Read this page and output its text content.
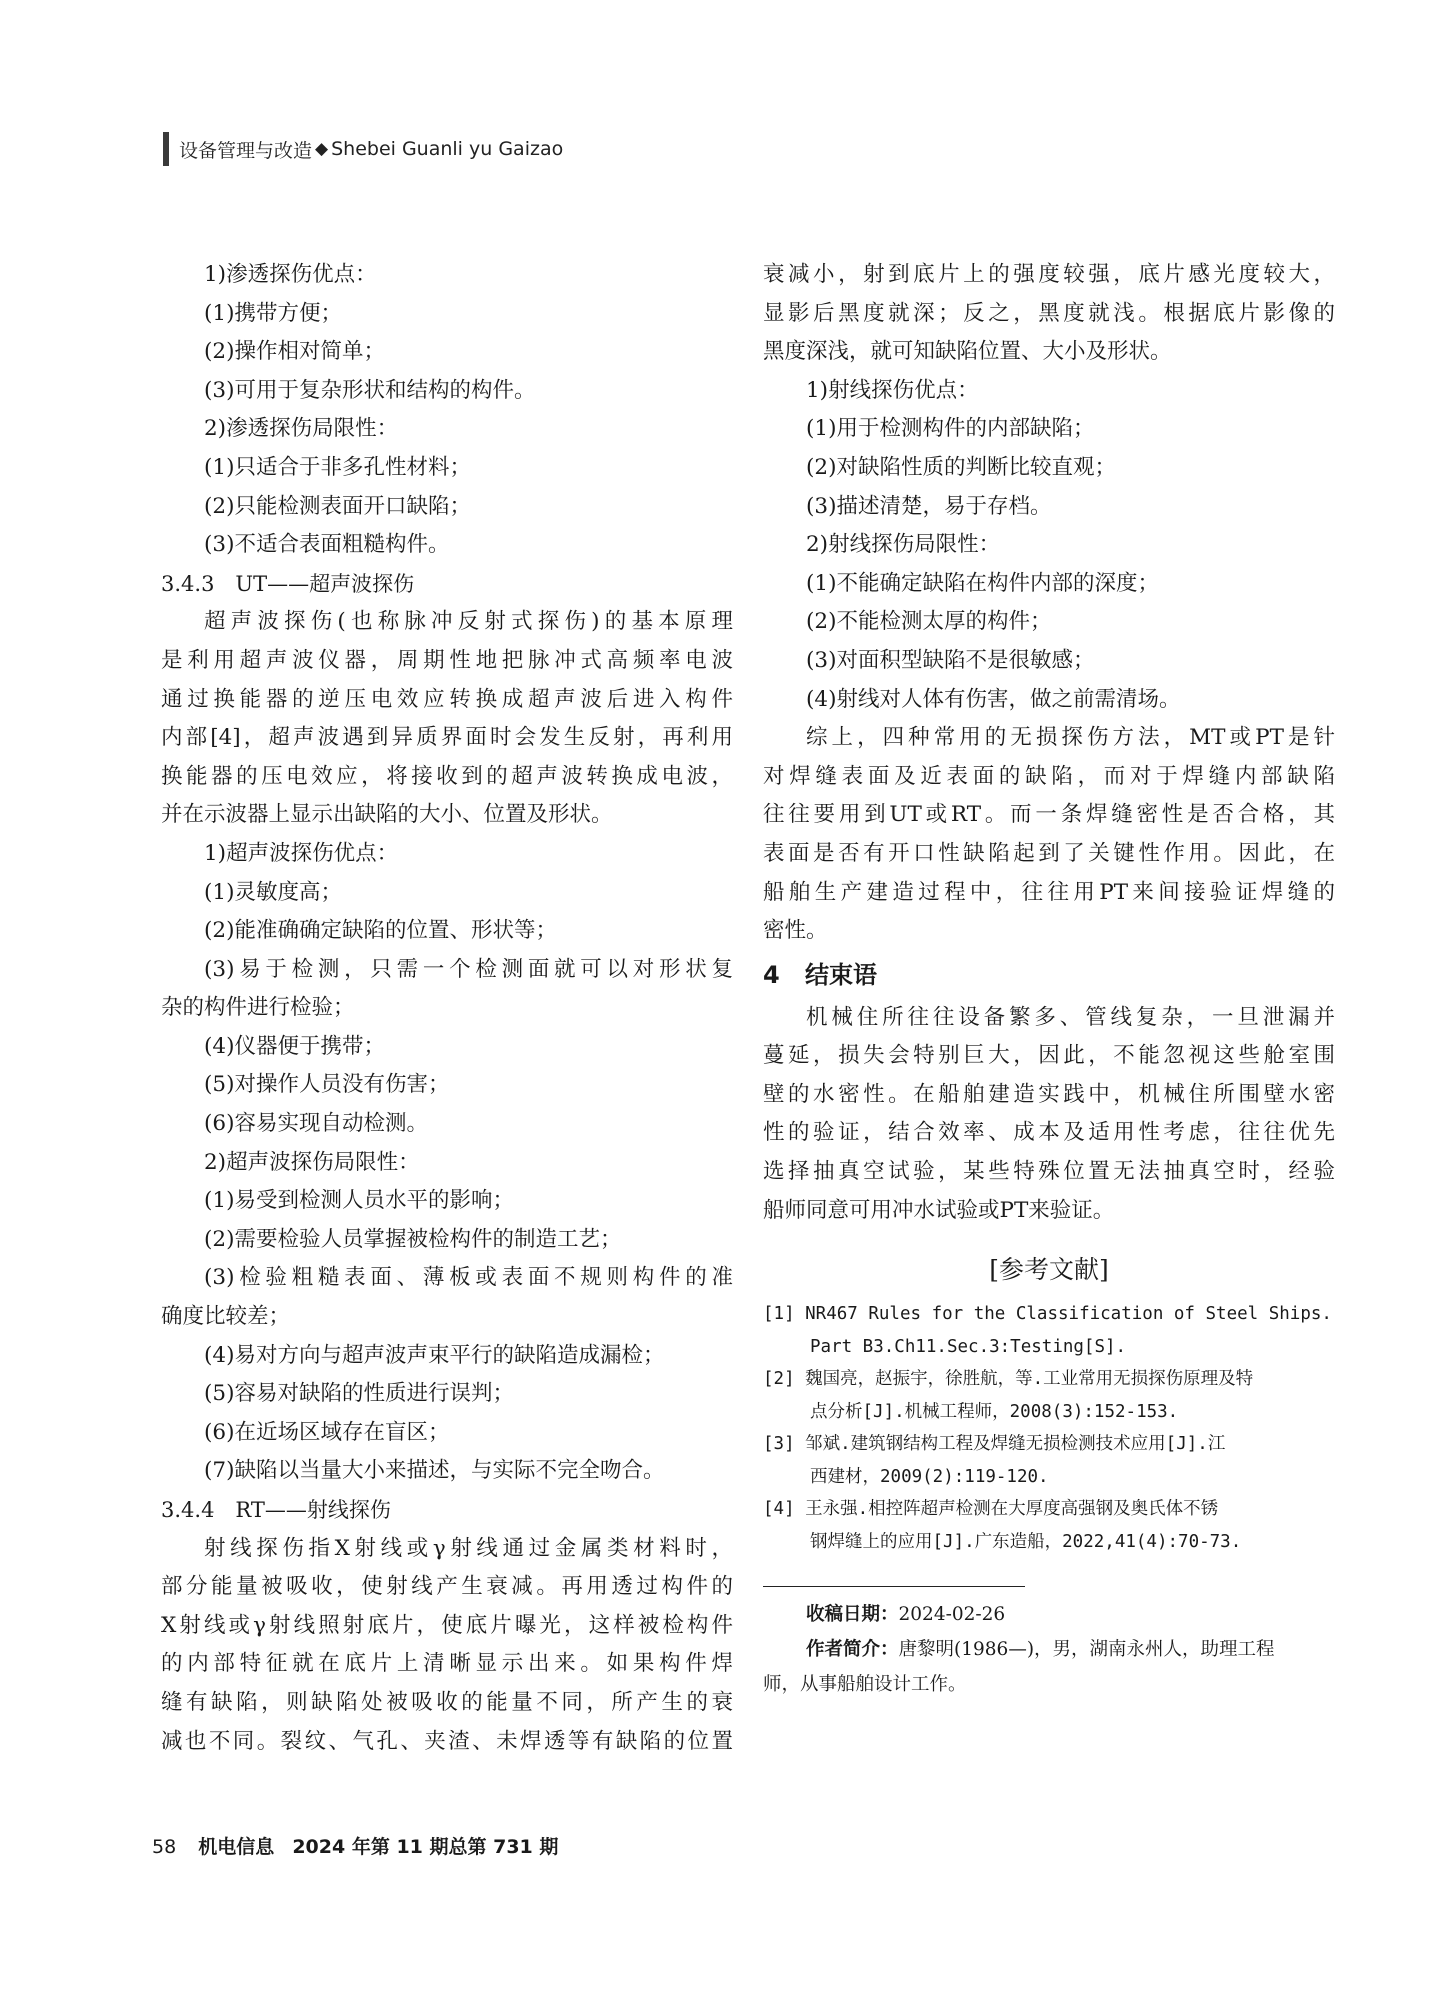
设备管理与改造 ◆ Shebei Guanli yu Gaizao
1)渗透探伤优点：
(1)携带方便；
(2)操作相对简单；
(3)可用于复杂形状和结构的构件。
2)渗透探伤局限性：
(1)只适合于非多孔性材料；
(2)只能检测表面开口缺陷；
(3)不适合表面粗糙构件。
3.4.3　UT——超声波探伤
超声波探伤(也称脉冲反射式探伤)的基本原理
是利用超声波仪器，周期性地把脉冲式高频率电波
通过换能器的逆压电效应转换成超声波后进入构件
内部[4]，超声波遇到异质界面时会发生反射，再利用
换能器的压电效应，将接收到的超声波转换成电波，
并在示波器上显示出缺陷的大小、位置及形状。
1)超声波探伤优点：
(1)灵敏度高；
(2)能准确确定缺陷的位置、形状等；
(3)易于检测，只需一个检测面就可以对形状复
杂的构件进行检验；
(4)仪器便于携带；
(5)对操作人员没有伤害；
(6)容易实现自动检测。
2)超声波探伤局限性：
(1)易受到检测人员水平的影响；
(2)需要检验人员掌握被检构件的制造工艺；
(3)检验粗糙表面、薄板或表面不规则构件的准
确度比较差；
(4)易对方向与超声波声束平行的缺陷造成漏检；
(5)容易对缺陷的性质进行误判；
(6)在近场区域存在盲区；
(7)缺陷以当量大小来描述，与实际不完全吻合。
3.4.4　RT——射线探伤
射线探伤指X射线或γ射线通过金属类材料时，
部分能量被吸收，使射线产生衰减。再用透过构件的
X射线或γ射线照射底片，使底片曝光，这样被检构件
的内部特征就在底片上清晰显示出来。如果构件焊
缝有缺陷，则缺陷处被吸收的能量不同，所产生的衰
减也不同。裂纹、气孔、夹渣、未焊透等有缺陷的位置
衰减小，射到底片上的强度较强，底片感光度较大，
显影后黑度就深；反之，黑度就浅。根据底片影像的
黑度深浅，就可知缺陷位置、大小及形状。
1)射线探伤优点：
(1)用于检测构件的内部缺陷；
(2)对缺陷性质的判断比较直观；
(3)描述清楚，易于存档。
2)射线探伤局限性：
(1)不能确定缺陷在构件内部的深度；
(2)不能检测太厚的构件；
(3)对面积型缺陷不是很敏感；
(4)射线对人体有伤害，做之前需清场。
综上，四种常用的无损探伤方法，MT或PT是针
对焊缝表面及近表面的缺陷，而对于焊缝内部缺陷
往往要用到UT或RT。而一条焊缝密性是否合格，其
表面是否有开口性缺陷起到了关键性作用。因此，在
船舶生产建造过程中，往往用PT来间接验证焊缝的
密性。
4 结束语
机械住所往往设备繁多、管线复杂，一旦泄漏并
蔓延，损失会特别巨大，因此，不能忽视这些舱室围
壁的水密性。在船舶建造实践中，机械住所围壁水密
性的验证，结合效率、成本及适用性考虑，往往优先
选择抽真空试验，某些特殊位置无法抽真空时，经验
船师同意可用冲水试验或PT来验证。
[参考文献]
[1] NR467 Rules for the Classification of Steel Ships.
Part B3.Ch11.Sec.3:Testing[S].
[2] 魏国亮，赵振宇，徐胜航，等.工业常用无损探伤原理及特
点分析[J].机械工程师，2008(3):152-153.
[3] 邹斌.建筑钢结构工程及焊缝无损检测技术应用[J].江
西建材，2009(2):119-120.
[4] 王永强.相控阵超声检测在大厚度高强钢及奥氏体不锈
钢焊缝上的应用[J].广东造船，2022,41(4):70-73.
收稿日期：2024-02-26
作者简介：唐黎明(1986—)，男，湖南永州人，助理工程
师，从事船舶设计工作。
58 机电信息 2024 年第 11 期总第 731 期
